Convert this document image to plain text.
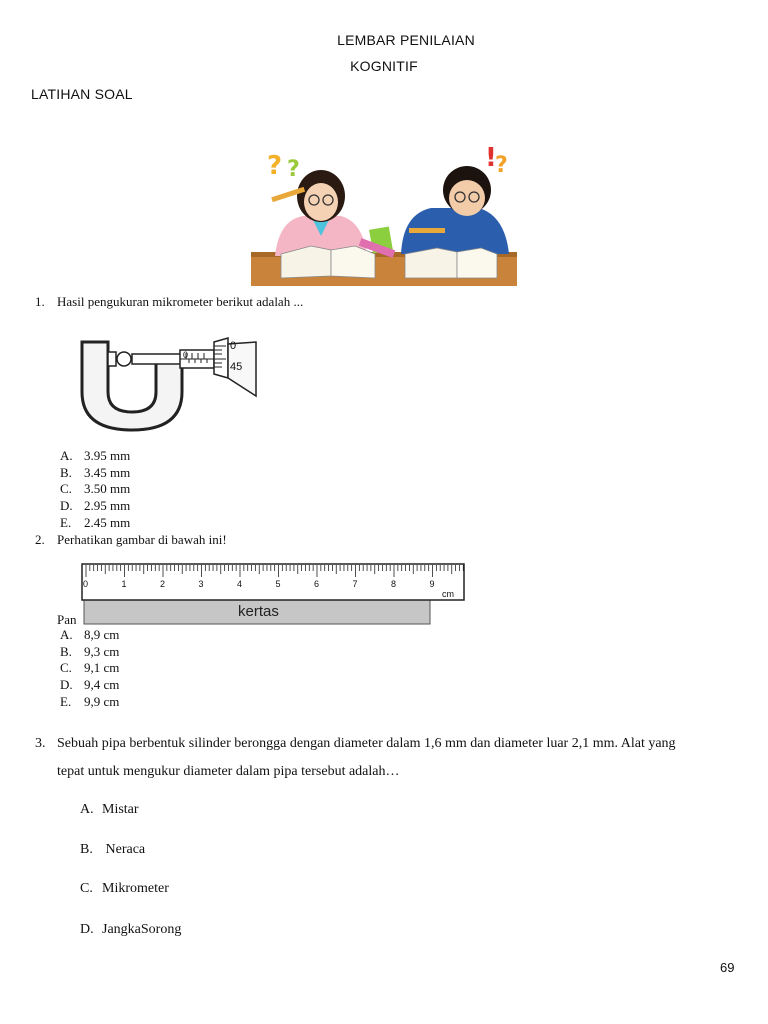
LEMBAR PENILAIAN
KOGNITIF
LATIHAN SOAL
? ?	!
?
1. Hasil pengukuran mikrometer berikut adalah ...
0
0
45
A. 3.95 mm
B. 3.45 mm
C. 3.50 mm
D. 2.95 mm
E. 2.45 mm
2. Perhatikan gambar di bawah ini!
Pan	kertas
0	1	2	3	4	5	6	7	8	9
cm
A. 8,9 cm
B. 9,3 cm
C. 9,1 cm
D. 9,4 cm
E. 9,9 cm
3. Sebuah pipa berbentuk silinder berongga dengan diameter dalam 1,6 mm dan diameter luar 2,1 mm. Alat yang
tepat untuk mengukur diameter dalam pipa tersebut adalah…
A. Mistar
B. Neraca
C. Mikrometer
D. JangkaSorong
69
